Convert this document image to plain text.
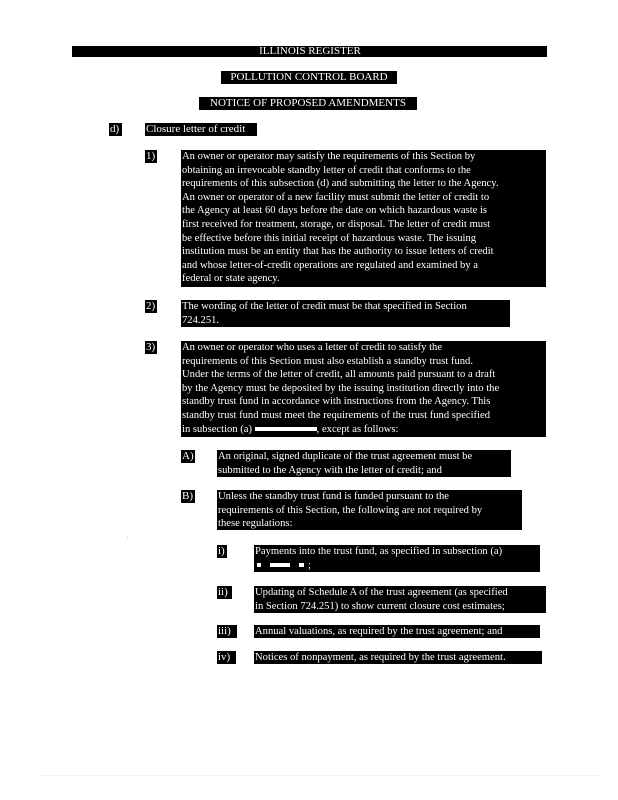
ILLINOIS REGISTER
POLLUTION CONTROL BOARD
NOTICE OF PROPOSED AMENDMENTS
d) Closure letter of credit
1)	An owner or operator may satisfy the requirements of this Section by
obtaining an irrevocable standby letter of credit that conforms to the
requirements of this subsection (d) and submitting the letter to the Agency.
An owner or operator of a new facility must submit the letter of credit to
the Agency at least 60 days before the date on which hazardous waste is
first received for treatment, storage, or disposal. The letter of credit must
be effective before this initial receipt of hazardous waste. The issuing
institution must be an entity that has the authority to issue letters of credit
and whose letter-of-credit operations are regulated and examined by a
federal or state agency.
2)	The wording of the letter of credit must be that specified in Section
724.251.
3)	An owner or operator who uses a letter of credit to satisfy the
requirements of this Section must also establish a standby trust fund.
Under the terms of the letter of credit, all amounts paid pursuant to a draft
by the Agency must be deposited by the issuing institution directly into the
standby trust fund in accordance with instructions from the Agency. This
standby trust fund must meet the requirements of the trust fund specified
in subsection (a)	, except as follows:
A) An original, signed duplicate of the trust agreement must be
submitted to the Agency with the letter of credit; and
B) Unless the standby trust fund is funded pursuant to the
requirements of this Section, the following are not required by
these regulations:
i)	Payments into the trust fund, as specified in subsection (a)
;
ii)	Updating of Schedule A of the trust agreement (as specified
in Section 724.251) to show current closure cost estimates;
iii)	Annual valuations, as required by the trust agreement; and
iv)	Notices of nonpayment, as required by the trust agreement.
